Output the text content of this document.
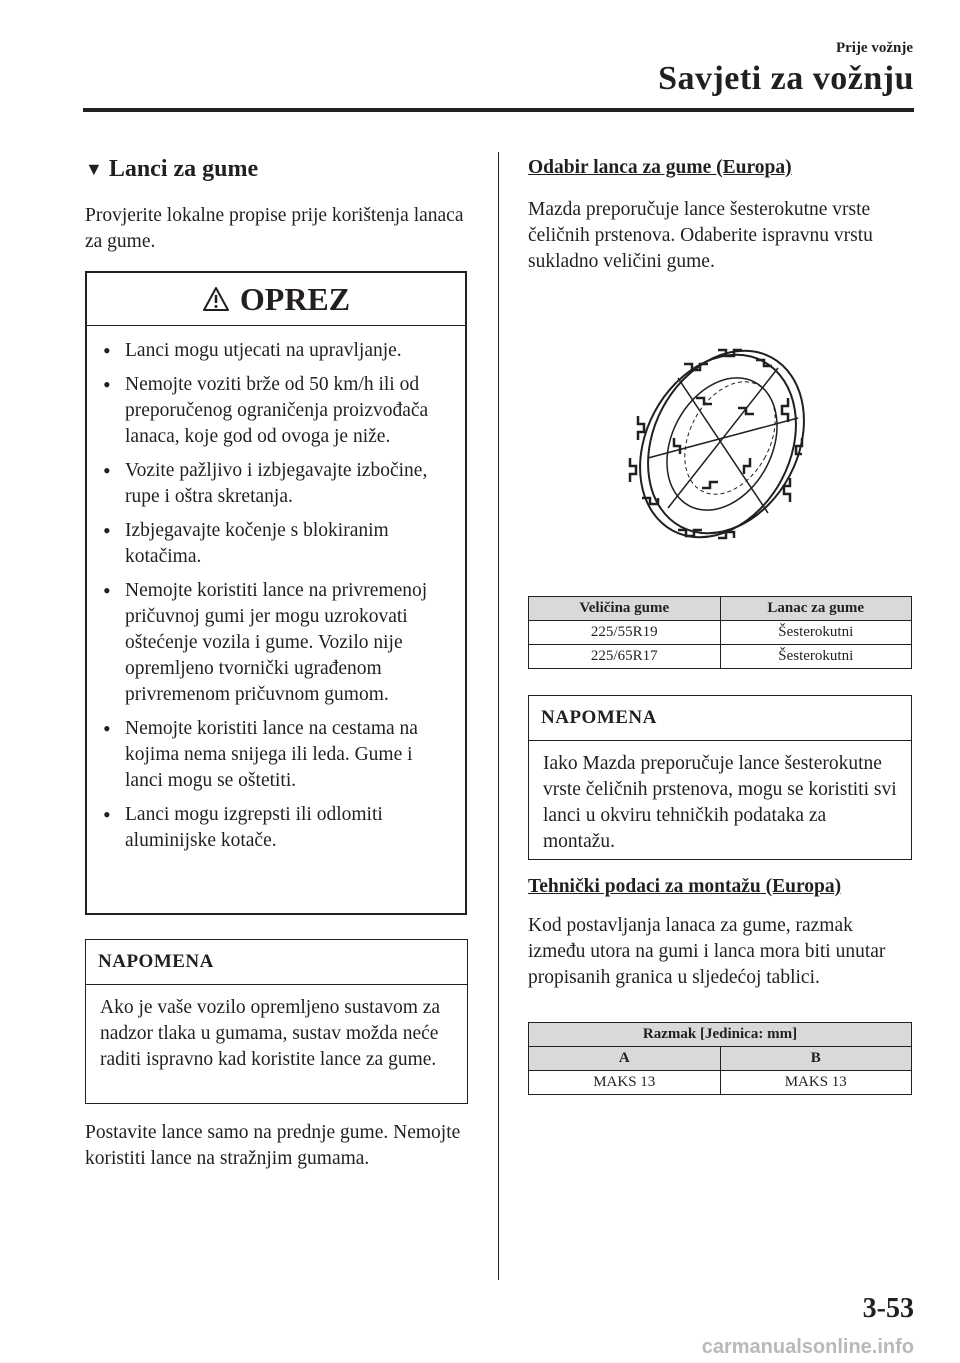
Prije vožnje
Savjeti za vožnju
▼ Lanci za gume
Provjerite lokalne propise prije korištenja lanaca za gume.
OPREZ
• Lanci mogu utjecati na upravljanje.
• Nemojte voziti brže od 50 km/h ili od preporučenog ograničenja proizvođača lanaca, koje god od ovoga je niže.
• Vozite pažljivo i izbjegavajte izbočine, rupe i oštra skretanja.
• Izbjegavajte kočenje s blokiranim kotačima.
• Nemojte koristiti lance na privremenoj pričuvnoj gumi jer mogu uzrokovati oštećenje vozila i gume. Vozilo nije opremljeno tvornički ugrađenom privremenom pričuvnom gumom.
• Nemojte koristiti lance na cestama na kojima nema snijega ili leda. Gume i lanci mogu se oštetiti.
• Lanci mogu izgrepsti ili odlomiti aluminijske kotače.
NAPOMENA
Ako je vaše vozilo opremljeno sustavom za nadzor tlaka u gumama, sustav možda neće raditi ispravno kad koristite lance za gume.
Postavite lance samo na prednje gume. Nemojte koristiti lance na stražnjim gumama.
Odabir lanca za gume (Europa)
Mazda preporučuje lance šesterokutne vrste čeličnih prstenova. Odaberite ispravnu vrstu sukladno veličini gume.
Veličina gume	Lanac za gume
225/55R19	Šesterokutni
225/65R17	Šesterokutni
NAPOMENA
Iako Mazda preporučuje lance šesterokutne vrste čeličnih prstenova, mogu se koristiti svi lanci u okviru tehničkih podataka za montažu.
Tehnički podaci za montažu (Europa)
Kod postavljanja lanaca za gume, razmak između utora na gumi i lanca mora biti unutar propisanih granica u sljedećoj tablici.
Razmak [Jedinica: mm]	
A	B
MAKS 13	MAKS 13
3-53
carmanualsonline.info
